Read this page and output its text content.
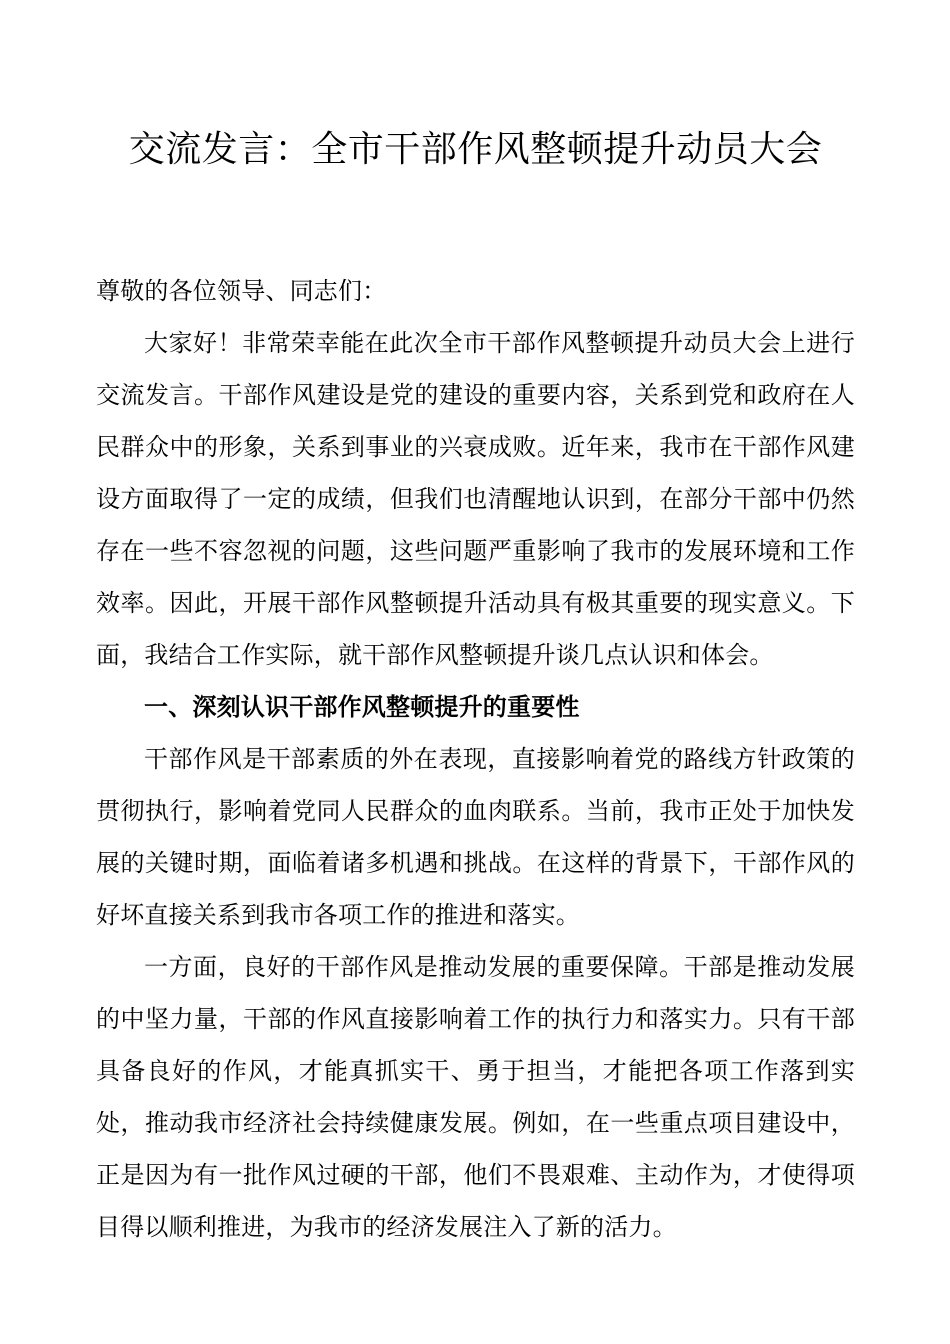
交流发言：全市干部作风整顿提升动员大会

尊敬的各位领导、同志们：

大家好！非常荣幸能在此次全市干部作风整顿提升动员大会上进行交流发言。干部作风建设是党的建设的重要内容，关系到党和政府在人民群众中的形象，关系到事业的兴衰成败。近年来，我市在干部作风建设方面取得了一定的成绩，但我们也清醒地认识到，在部分干部中仍然存在一些不容忽视的问题，这些问题严重影响了我市的发展环境和工作效率。因此，开展干部作风整顿提升活动具有极其重要的现实意义。下面，我结合工作实际，就干部作风整顿提升谈几点认识和体会。

一、深刻认识干部作风整顿提升的重要性

干部作风是干部素质的外在表现，直接影响着党的路线方针政策的贯彻执行，影响着党同人民群众的血肉联系。当前，我市正处于加快发展的关键时期，面临着诸多机遇和挑战。在这样的背景下，干部作风的好坏直接关系到我市各项工作的推进和落实。

一方面，良好的干部作风是推动发展的重要保障。干部是推动发展的中坚力量，干部的作风直接影响着工作的执行力和落实力。只有干部具备良好的作风，才能真抓实干、勇于担当，才能把各项工作落到实处，推动我市经济社会持续健康发展。例如，在一些重点项目建设中，正是因为有一批作风过硬的干部，他们不畏艰难、主动作为，才使得项目得以顺利推进，为我市的经济发展注入了新的活力。
